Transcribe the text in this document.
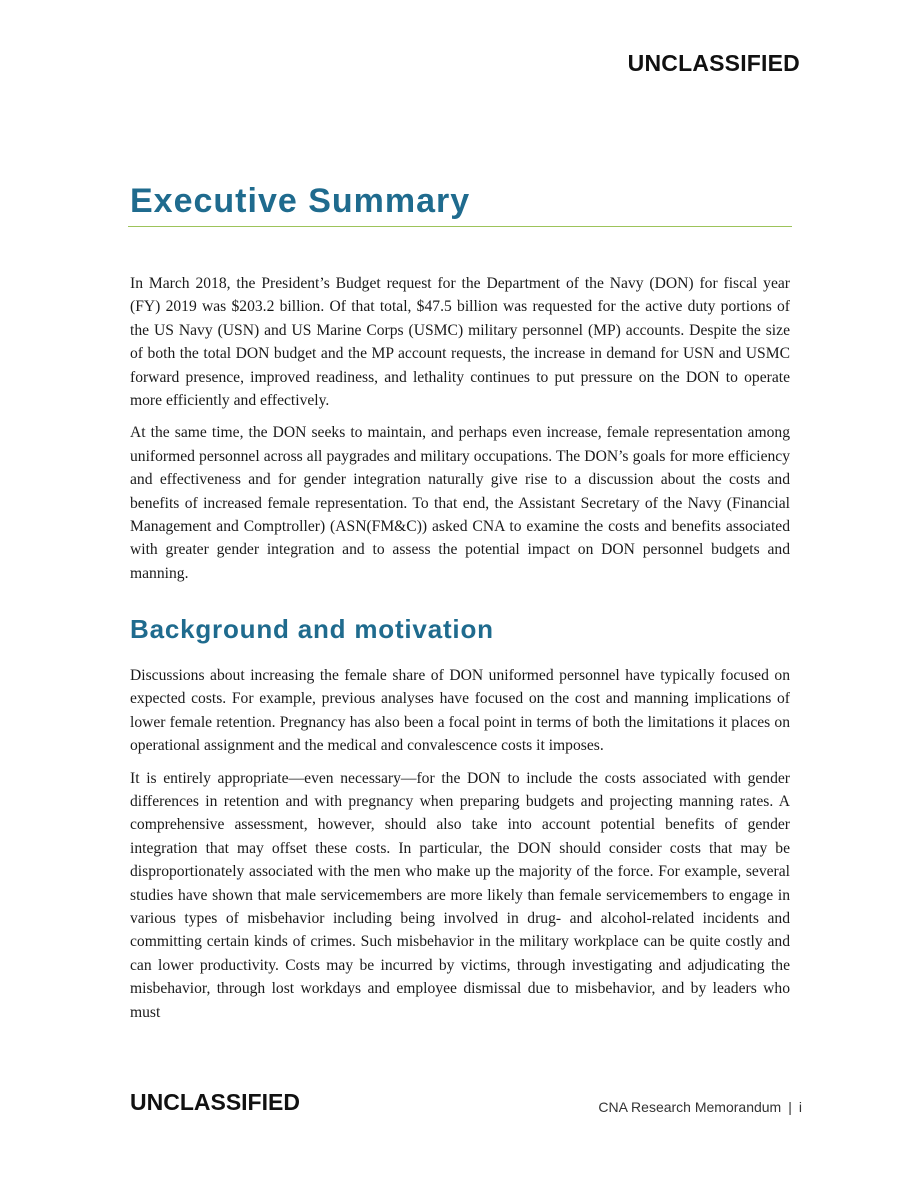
UNCLASSIFIED
Executive Summary

In March 2018, the President’s Budget request for the Department of the Navy (DON) for fiscal year (FY) 2019 was $203.2 billion. Of that total, $47.5 billion was requested for the active duty portions of the US Navy (USN) and US Marine Corps (USMC) military personnel (MP) accounts. Despite the size of both the total DON budget and the MP account requests, the increase in demand for USN and USMC forward presence, improved readiness, and lethality continues to put pressure on the DON to operate more efficiently and effectively.

At the same time, the DON seeks to maintain, and perhaps even increase, female representation among uniformed personnel across all paygrades and military occupations. The DON’s goals for more efficiency and effectiveness and for gender integration naturally give rise to a discussion about the costs and benefits of increased female representation. To that end, the Assistant Secretary of the Navy (Financial Management and Comptroller) (ASN(FM&C)) asked CNA to examine the costs and benefits associated with greater gender integration and to assess the potential impact on DON personnel budgets and manning.

Background and motivation

Discussions about increasing the female share of DON uniformed personnel have typically focused on expected costs. For example, previous analyses have focused on the cost and manning implications of lower female retention. Pregnancy has also been a focal point in terms of both the limitations it places on operational assignment and the medical and convalescence costs it imposes.

It is entirely appropriate—even necessary—for the DON to include the costs associated with gender differences in retention and with pregnancy when preparing budgets and projecting manning rates. A comprehensive assessment, however, should also take into account potential benefits of gender integration that may offset these costs. In particular, the DON should consider costs that may be disproportionately associated with the men who make up the majority of the force. For example, several studies have shown that male servicemembers are more likely than female servicemembers to engage in various types of misbehavior including being involved in drug- and alcohol-related incidents and committing certain kinds of crimes. Such misbehavior in the military workplace can be quite costly and can lower productivity. Costs may be incurred by victims, through investigating and adjudicating the misbehavior, through lost workdays and employee dismissal due to misbehavior, and by leaders who must

UNCLASSIFIED	CNA Research Memorandum | i
